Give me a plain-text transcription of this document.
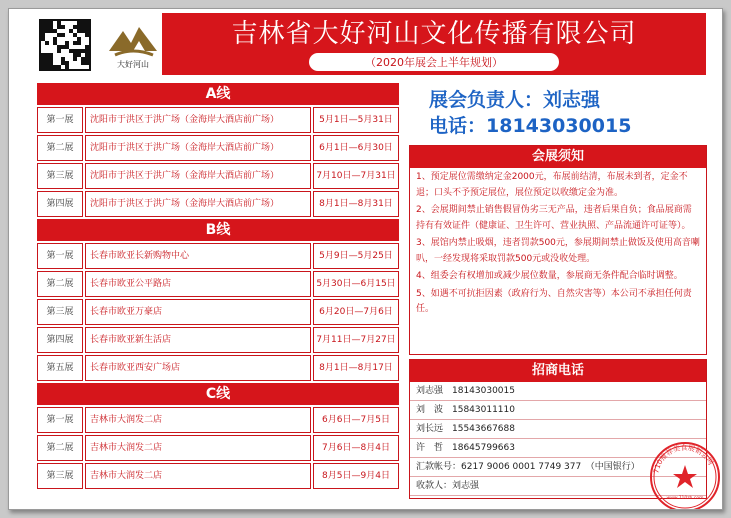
大好河山
吉林省大好河山文化传播有限公司
（2020年展会上半年规划）
A线
第一展	沈阳市于洪区于洪广场（金海岸大酒店前广场）	5月1日—5月31日
第二展	沈阳市于洪区于洪广场（金海岸大酒店前广场）	6月1日—6月30日
第三展	沈阳市于洪区于洪广场（金海岸大酒店前广场）	7月10日—7月31日
第四展	沈阳市于洪区于洪广场（金海岸大酒店前广场）	8月1日—8月31日
B线
第一展	长春市欧亚长新购物中心	5月9日—5月25日
第二展	长春市欧亚公平路店	5月30日—6月15日
第三展	长春市欧亚万豪店	6月20日—7月6日
第四展	长春市欧亚新生活店	7月11日—7月27日
第五展	长春市欧亚西安广场店	8月1日—8月17日
C线
第一展	吉林市大润发二店	6月6日—7月5日
第二展	吉林市大润发二店	7月6日—8月4日
第三展	吉林市大润发二店	8月5日—9月4日
展会负责人：刘志强
电话：18143030015
会展须知

1、预定展位需缴纳定金2000元，布展前结清，布展未到者，定金不退；口头不予预定展位，展位预定以收缴定金为准。

2、会展期间禁止销售假冒伪劣三无产品，违者后果自负；食品展商需持有有效证件（健康证、卫生许可、营业执照、产品流通许可证等）。

3、展馆内禁止吸烟，违者罚款500元，参展期间禁止做饭及使用高音喇叭，一经发现将采取罚款500元或没收处理。

4、组委会有权增加或减少展位数量，参展商无条件配合临时调整。

5、如遇不可抗拒因素（政府行为、自然灾害等）本公司不承担任何责任。

招商电话
刘志强　18143030015
刘　波　15843011110
刘长远　15543667688
许　哲　18645799663
汇款帐号：6217 9006 0001 7749 377　（中国银行）
收款人：刘志强
710推荐美食展销会网
www.710zh.com
